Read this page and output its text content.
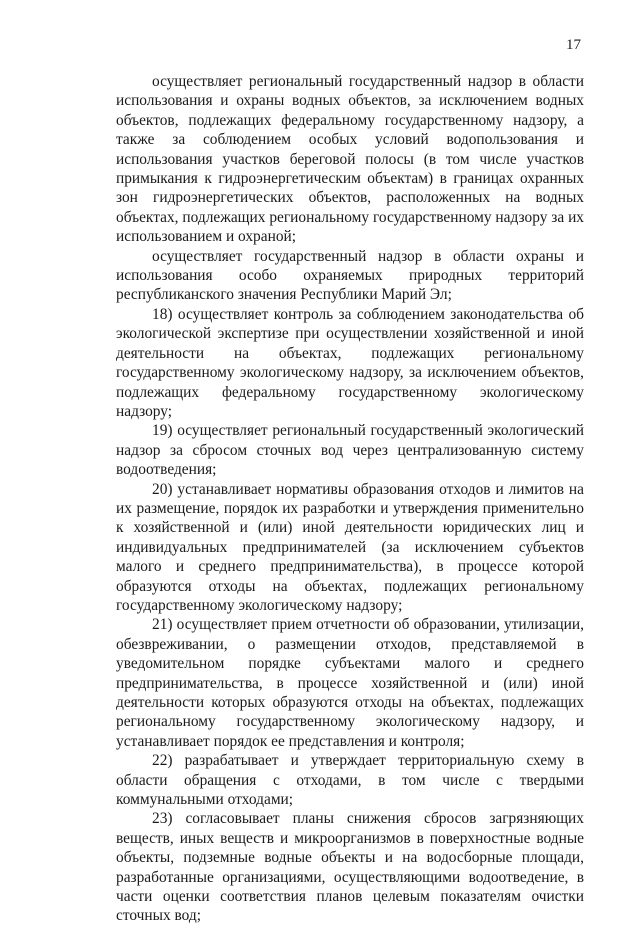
17

осуществляет региональный государственный надзор в области использования и охраны водных объектов, за исключением водных объектов, подлежащих федеральному государственному надзору, а также за соблюдением особых условий водопользования и использования участков береговой полосы (в том числе участков примыкания к гидроэнергетическим объектам) в границах охранных зон гидроэнергетических объектов, расположенных на водных объектах, подлежащих региональному государственному надзору за их использованием и охраной;

осуществляет государственный надзор в области охраны и использования особо охраняемых природных территорий республиканского значения Республики Марий Эл;

18) осуществляет контроль за соблюдением законодательства об экологической экспертизе при осуществлении хозяйственной и иной деятельности на объектах, подлежащих региональному государственному экологическому надзору, за исключением объектов, подлежащих федеральному государственному экологическому надзору;

19) осуществляет региональный государственный экологический надзор за сбросом сточных вод через централизованную систему водоотведения;

20) устанавливает нормативы образования отходов и лимитов на их размещение, порядок их разработки и утверждения применительно к хозяйственной и (или) иной деятельности юридических лиц и индивидуальных предпринимателей (за исключением субъектов малого и среднего предпринимательства), в процессе которой образуются отходы на объектах, подлежащих региональному государственному экологическому надзору;

21) осуществляет прием отчетности об образовании, утилизации, обезвреживании, о размещении отходов, представляемой в уведомительном порядке субъектами малого и среднего предпринимательства, в процессе хозяйственной и (или) иной деятельности которых образуются отходы на объектах, подлежащих региональному государственному экологическому надзору, и устанавливает порядок ее представления и контроля;

22) разрабатывает и утверждает территориальную схему в области обращения с отходами, в том числе с твердыми коммунальными отходами;

23) согласовывает планы снижения сбросов загрязняющих веществ, иных веществ и микроорганизмов в поверхностные водные объекты, подземные водные объекты и на водосборные площади, разработанные организациями, осуществляющими водоотведение, в части оценки соответствия планов целевым показателям очистки сточных вод;
